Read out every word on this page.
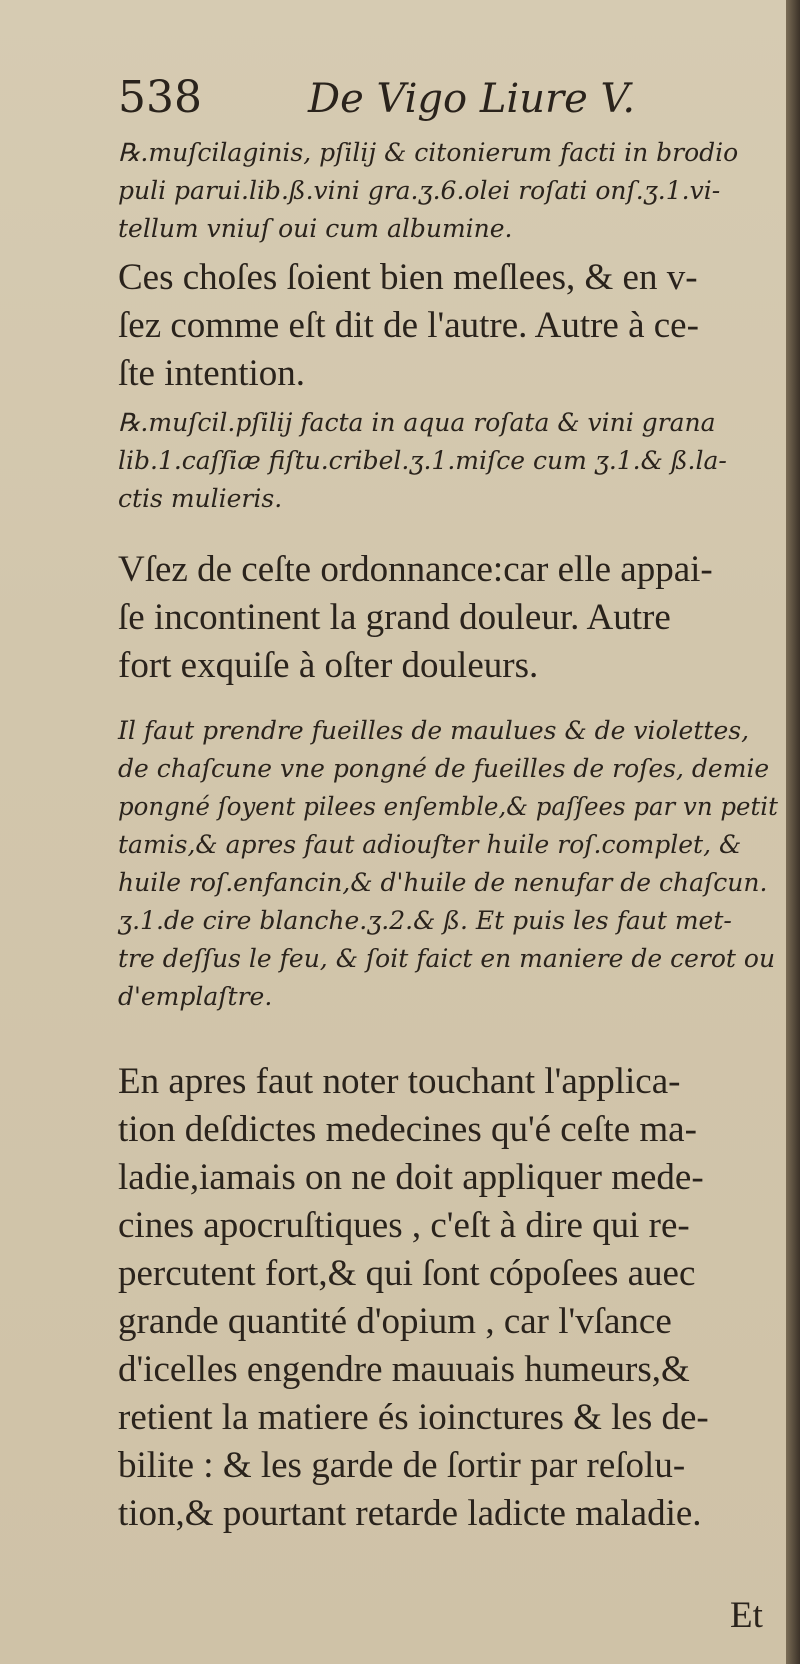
538	De Vigo Liure V.
℞.muſcilaginis, pſilij & citonierum facti in brodio
puli parui.lib.ß.vini gra.ʒ.6.olei roſati onſ.ʒ.1.vi-
tellum vniuſ oui cum albumine.
Ces choſes ſoient bien meſlees, & en v-
ſez comme eſt dit de l'autre. Autre à ce-
ſte intention.
℞.muſcil.pſilij facta in aqua roſata & vini grana
lib.1.caſſiæ fiſtu.cribel.ʒ.1.miſce cum ʒ.1.& ß.la-
ctis mulieris.
Vſez de ceſte ordonnance:car elle appai-
ſe incontinent la grand douleur. Autre
fort exquiſe à oſter douleurs.
Il faut prendre fueilles de maulues & de violettes,
de chaſcune vne pongné de fueilles de roſes, demie
pongné ſoyent pilees enſemble,& paſſees par vn petit
tamis,& apres faut adiouſter huile roſ.complet, &
huile roſ.enfancin,& d'huile de nenufar de chaſcun.
ʒ.1.de cire blanche.ʒ.2.& ß. Et puis les faut met-
tre deſſus le feu, & ſoit faict en maniere de cerot ou
d'emplaſtre.
En apres faut noter touchant l'applica-
tion deſdictes medecines qu'é ceſte ma-
ladie,iamais on ne doit appliquer mede-
cines apocruſtiques , c'eſt à dire qui re-
percutent fort,& qui ſont cópoſees auec
grande quantité d'opium , car l'vſance
d'icelles engendre mauuais humeurs,&
retient la matiere és ioinctures & les de-
bilite : & les garde de ſortir par reſolu-
tion,& pourtant retarde ladicte maladie.
Et
